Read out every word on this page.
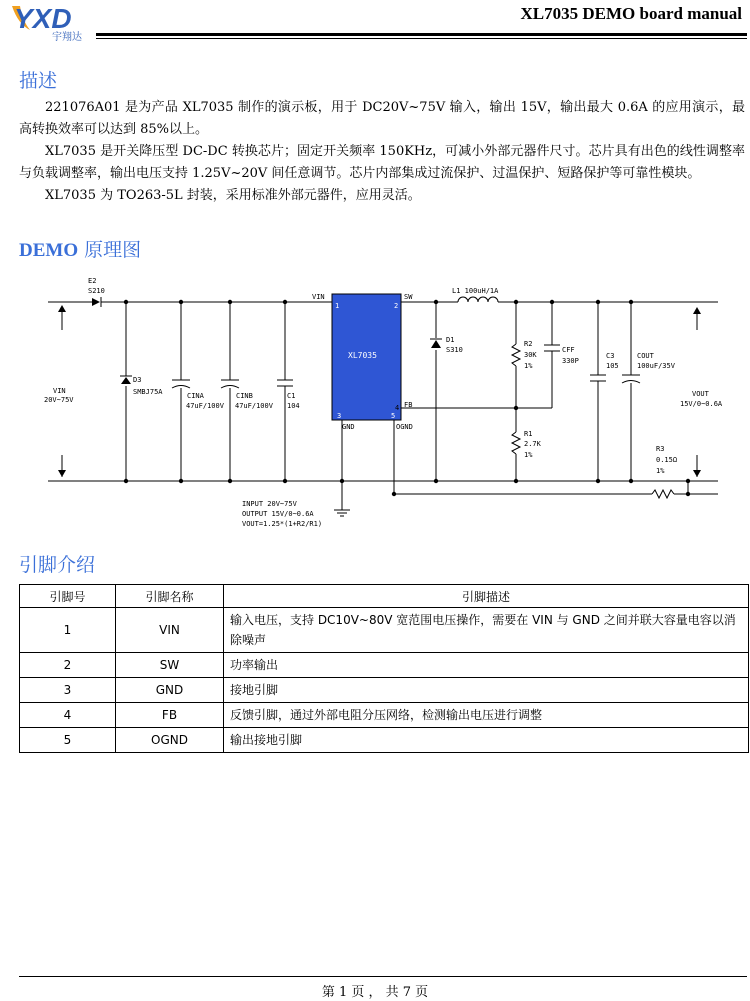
YXD
宇翔达
XL7035 DEMO board manual
描述

221076A01 是为产品 XL7035 制作的演示板，用于 DC20V~75V 输入，输出 15V，输出最大 0.6A 的应用演示，最高转换效率可以达到 85%以上。

XL7035 是开关降压型 DC-DC 转换芯片；固定开关频率 150KHz，可减小外部元器件尺寸。芯片具有出色的线性调整率与负载调整率，输出电压支持 1.25V~20V 间任意调节。芯片内部集成过流保护、过温保护、短路保护等可靠性模块。

XL7035 为 TO263-5L 封装，采用标准外部元器件，应用灵活。

DEMO 原理图
XL7035
1	2
3	5
4
VIN	SW
FB
GND	OGND
E2
S210
VIN
20V~75V
D3
SMBJ75A	CINA
47uF/100V
CINB
47uF/100V
C1
104
L1 100uH/1A
D1
S310
R2
30K
1%
CFF
330P
R1
2.7K
1%
C3
105
COUT
100uF/35V
VOUT
15V/0~0.6A
R3
0.15Ω
1%
INPUT 20V~75V
OUTPUT 15V/0~0.6A
VOUT=1.25*(1+R2/R1)
引脚介绍
引脚号	引脚名称	引脚描述
1	VIN	输入电压，支持 DC10V~80V 宽范围电压操作，需要在 VIN 与 GND 之间并联大容量电容以消除噪声
2	SW	功率输出
3	GND	接地引脚
4	FB	反馈引脚，通过外部电阻分压网络，检测输出电压进行调整
5	OGND	输出接地引脚
第 1 页 ， 共 7 页
